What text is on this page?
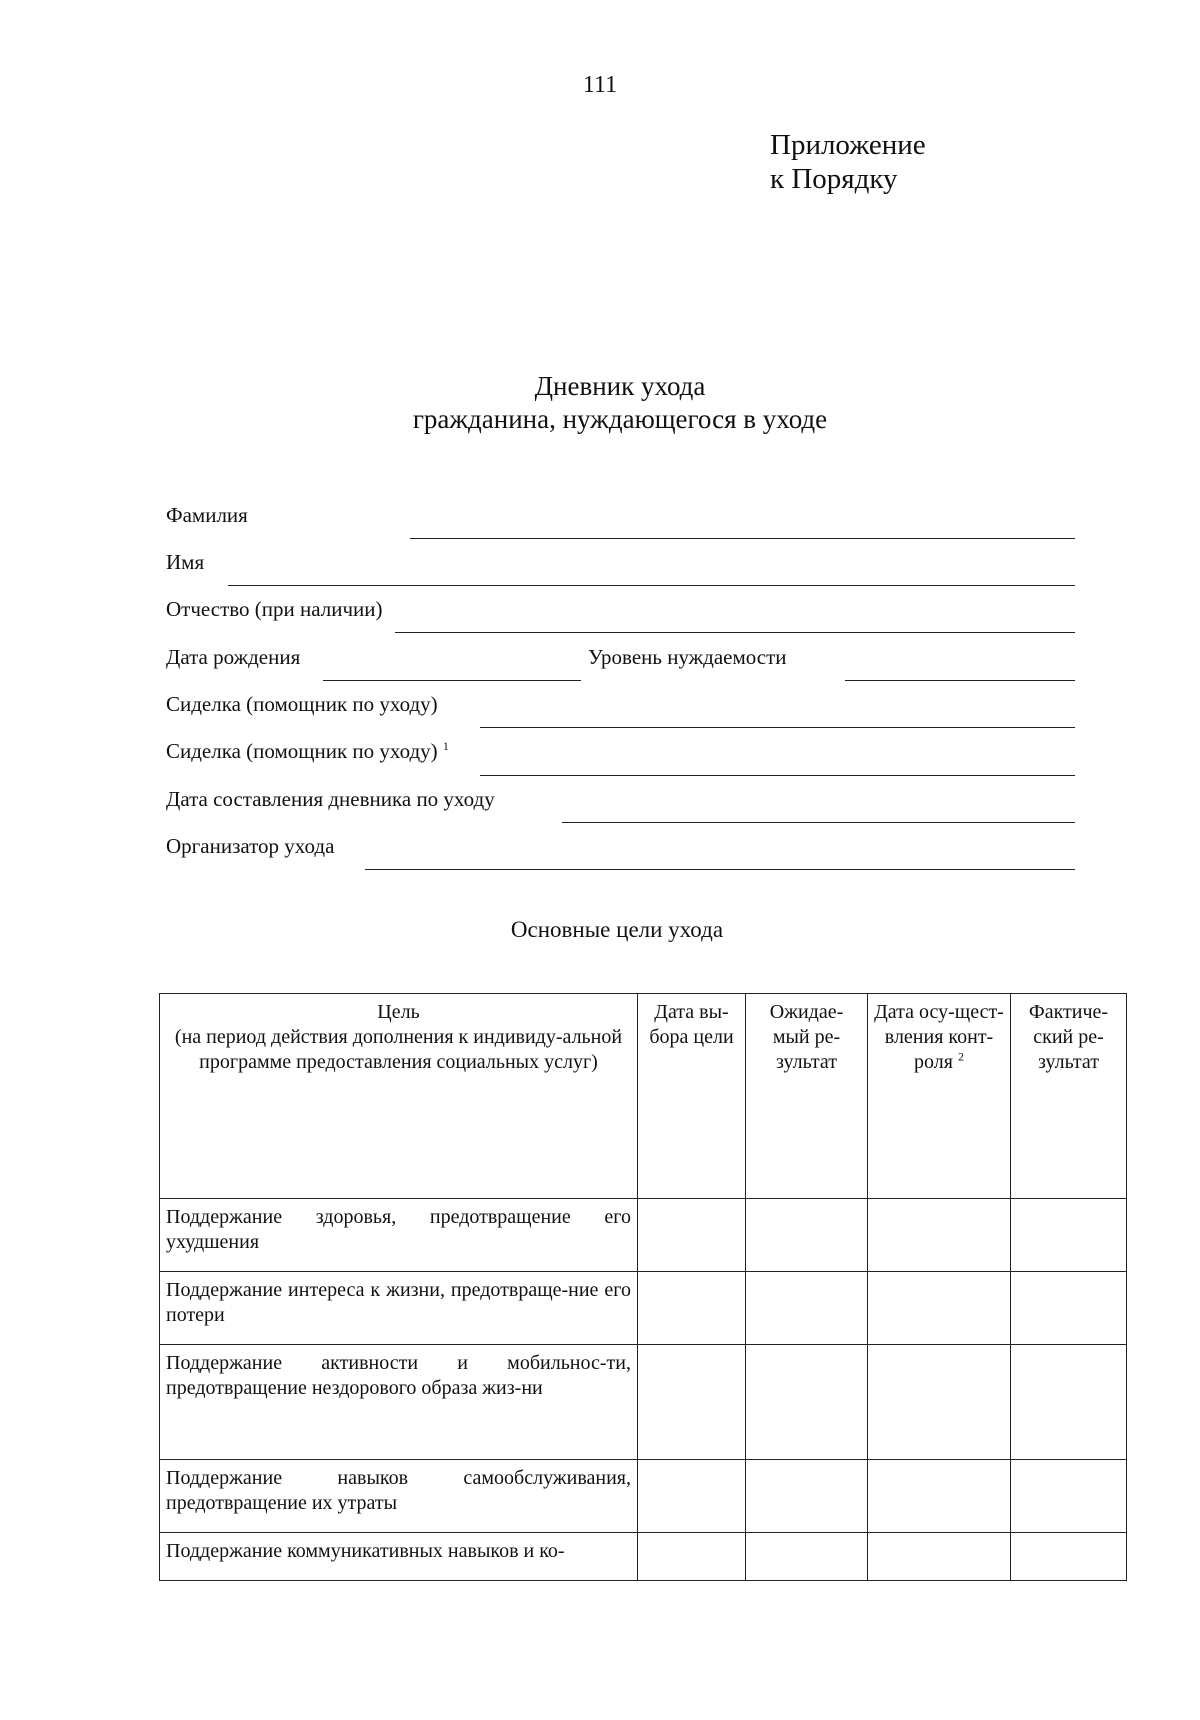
111
Приложение
к Порядку
Дневник ухода
гражданина, нуждающегося в уходе
Фамилия
Имя
Отчество (при наличии)
Дата рождения	Уровень нуждаемости
Сиделка (помощник по уходу)
Сиделка (помощник по уходу) $^1$
Дата составления дневника по уходу
Организатор ухода
Основные цели ухода
Цель
(на период действия дополнения к индивиду-альной программе предоставления социальных услуг)	Дата вы-бора цели	Ожидае-мый ре-зультат	Дата осу-щест-вления конт-роля $^2$	Фактиче-ский ре-зультат
Поддержание здоровья, предотвращение его ухудшения				
Поддержание интереса к жизни, предотвраще-ние его потери				
Поддержание активности и мобильнос-ти, предотвращение нездорового образа жиз-ни				
Поддержание навыков самообслуживания, предотвращение их утраты				
Поддержание коммуникативных навыков и ко-				
